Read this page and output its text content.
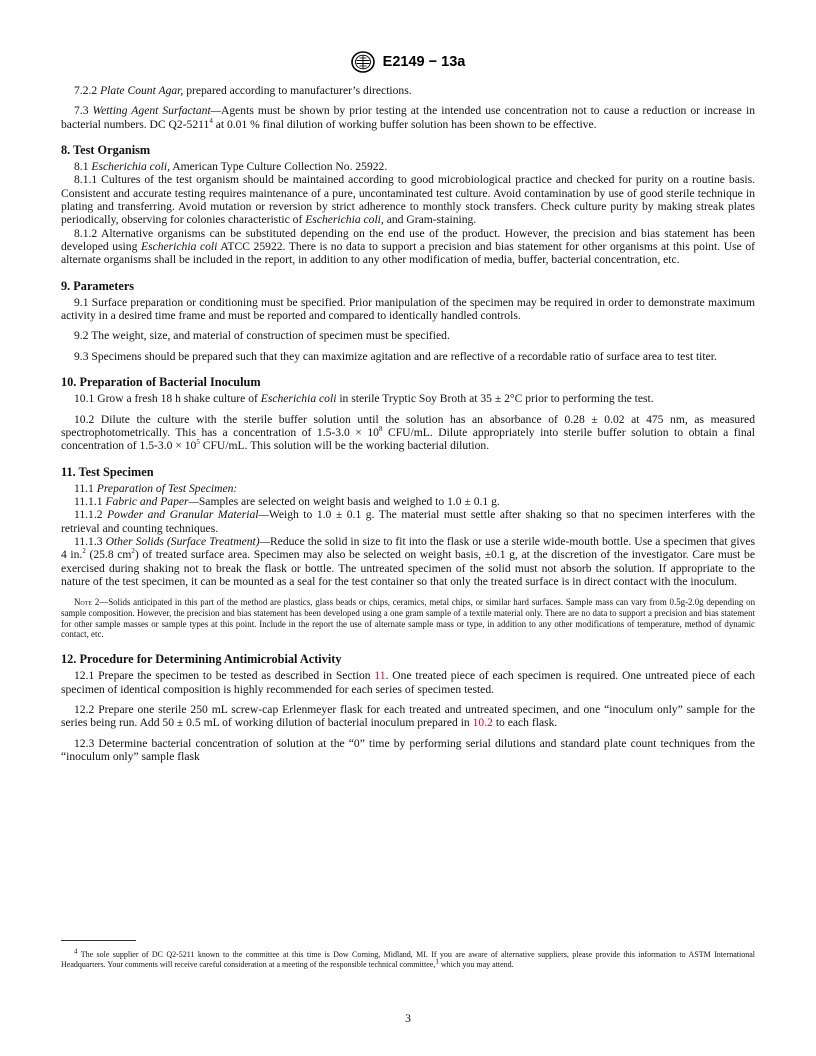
E2149 − 13a

7.2.2 Plate Count Agar, prepared according to manufacturer’s directions.

7.3 Wetting Agent Surfactant—Agents must be shown by prior testing at the intended use concentration not to cause a reduction or increase in bacterial numbers. DC Q2-5211$^4$ at 0.01 % final dilution of working buffer solution has been shown to be effective.

8. Test Organism

8.1 Escherichia coli, American Type Culture Collection No. 25922.

8.1.1 Cultures of the test organism should be maintained according to good microbiological practice and checked for purity on a routine basis. Consistent and accurate testing requires maintenance of a pure, uncontaminated test culture. Avoid contamination by use of good sterile technique in plating and transferring. Avoid mutation or reversion by strict adherence to monthly stock transfers. Check culture purity by making streak plates periodically, observing for colonies characteristic of Escherichia coli, and Gram-staining.

8.1.2 Alternative organisms can be substituted depending on the end use of the product. However, the precision and bias statement has been developed using Escherichia coli ATCC 25922. There is no data to support a precision and bias statement for other organisms at this point. Use of alternate organisms shall be included in the report, in addition to any other modification of media, buffer, bacterial concentration, etc.

9. Parameters

9.1 Surface preparation or conditioning must be specified. Prior manipulation of the specimen may be required in order to demonstrate maximum activity in a desired time frame and must be reported and compared to identically handled controls.

9.2 The weight, size, and material of construction of specimen must be specified.

9.3 Specimens should be prepared such that they can maximize agitation and are reflective of a recordable ratio of surface area to test titer.

10. Preparation of Bacterial Inoculum

10.1 Grow a fresh 18 h shake culture of Escherichia coli in sterile Tryptic Soy Broth at 35 ± 2°C prior to performing the test.

10.2 Dilute the culture with the sterile buffer solution until the solution has an absorbance of 0.28 ± 0.02 at 475 nm, as measured spectrophotometrically. This has a concentration of $1.5-3.0 \times 10^8$ CFU/mL. Dilute appropriately into sterile buffer solution to obtain a final concentration of $1.5-3.0 \times 10^5$ CFU/mL. This solution will be the working bacterial dilution.

11. Test Specimen

11.1 Preparation of Test Specimen:

11.1.1 Fabric and Paper—Samples are selected on weight basis and weighed to 1.0 ± 0.1 g.

11.1.2 Powder and Granular Material—Weigh to 1.0 ± 0.1 g. The material must settle after shaking so that no specimen interferes with the retrieval and counting techniques.

11.1.3 Other Solids (Surface Treatment)—Reduce the solid in size to fit into the flask or use a sterile wide-mouth bottle. Use a specimen that gives 4 in.$^2$ (25.8 $cm^2$) of treated surface area. Specimen may also be selected on weight basis, ±0.1 g, at the discretion of the investigator. Care must be exercised during shaking not to break the flask or bottle. The untreated specimen of the solid must not absorb the solution. If appropriate to the nature of the test specimen, it can be mounted as a seal for the test container so that only the treated surface is in direct contact with the inoculum.

Note 2—Solids anticipated in this part of the method are plastics, glass beads or chips, ceramics, metal chips, or similar hard surfaces. Sample mass can vary from 0.5g-2.0g depending on sample composition. However, the precision and bias statement has been developed using a one gram sample of a textile material only. There are no data to support a precision and bias statement for other sample masses or sample types at this point. Include in the report the use of alternate sample mass or type, in addition to any other modifications of temperature, method of dynamic contact, etc.

12. Procedure for Determining Antimicrobial Activity

12.1 Prepare the specimen to be tested as described in Section 11. One treated piece of each specimen is required. One untreated piece of each specimen of identical composition is highly recommended for each series of specimen tested.

12.2 Prepare one sterile 250 mL screw-cap Erlenmeyer flask for each treated and untreated specimen, and one “inoculum only” sample for the series being run. Add 50 ± 0.5 mL of working dilution of bacterial inoculum prepared in 10.2 to each flask.

12.3 Determine bacterial concentration of solution at the “0” time by performing serial dilutions and standard plate count techniques from the “inoculum only” sample flask

$^4$ The sole supplier of DC Q2-5211 known to the committee at this time is Dow Corning, Midland, MI. If you are aware of alternative suppliers, please provide this information to ASTM International Headquarters. Your comments will receive careful consideration at a meeting of the responsible technical committee,$^1$ which you may attend.

3
